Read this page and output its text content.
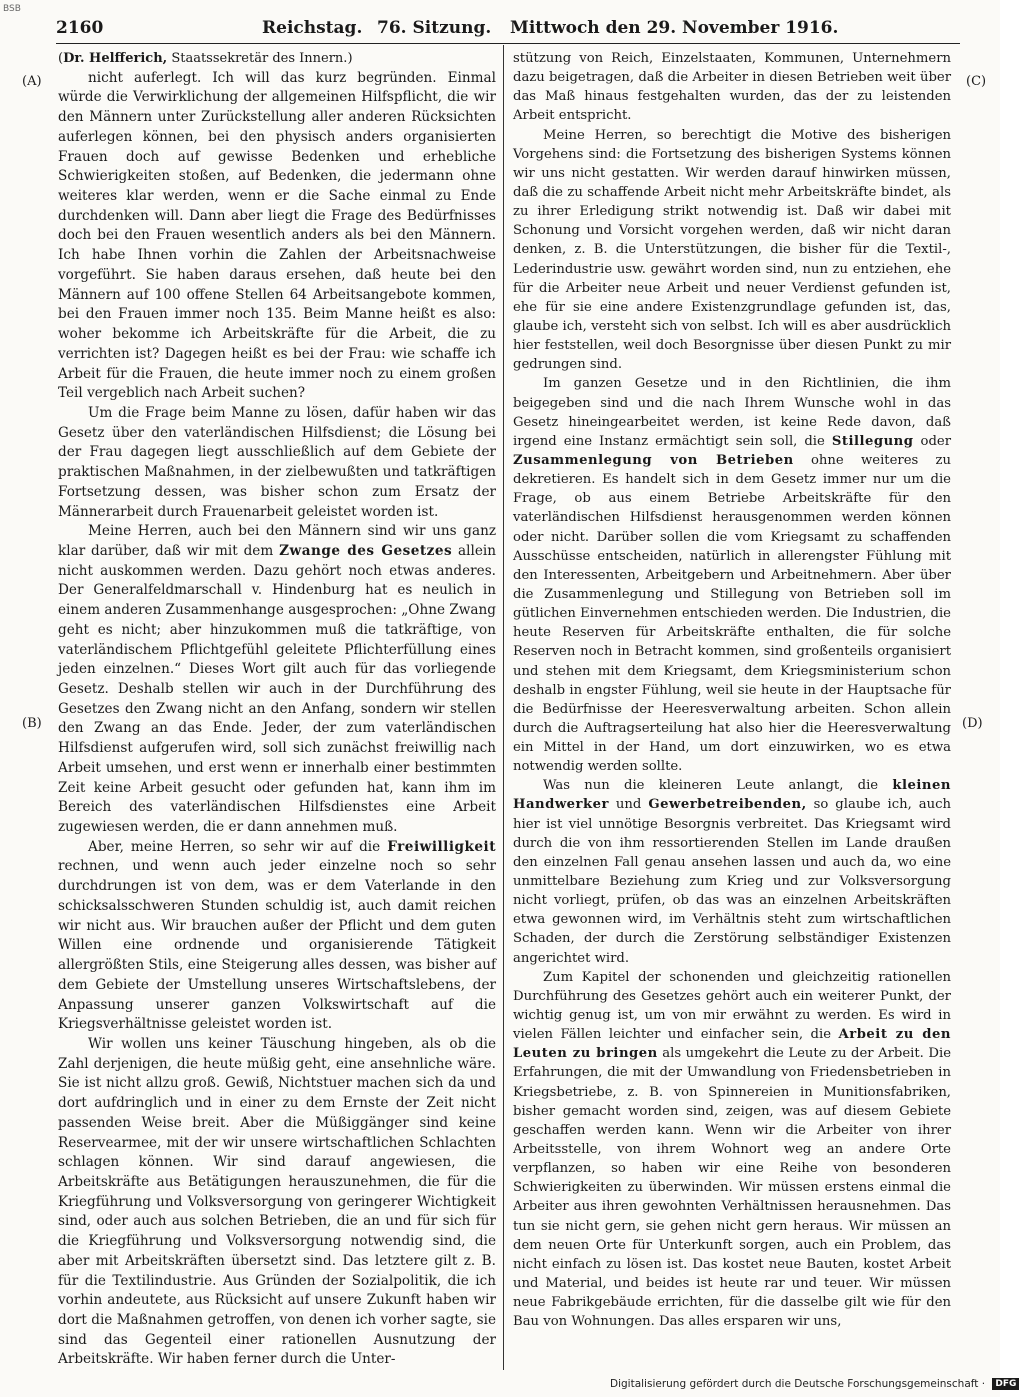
BSB
2160	Reichstag. 76. Sitzung. Mittwoch den 29. November 1916.
(A)
(B)
(C)
(D)
(Dr. Helfferich, Staatssekretär des Innern.)

nicht auferlegt. Ich will das kurz begründen. Einmal würde die Verwirklichung der allgemeinen Hilfspflicht, die wir den Männern unter Zurückstellung aller anderen Rücksichten auferlegen können, bei den physisch anders organisierten Frauen doch auf gewisse Bedenken und erhebliche Schwierigkeiten stoßen, auf Bedenken, die jedermann ohne weiteres klar werden, wenn er die Sache einmal zu Ende durchdenken will. Dann aber liegt die Frage des Bedürfnisses doch bei den Frauen wesentlich anders als bei den Männern. Ich habe Ihnen vorhin die Zahlen der Arbeitsnachweise vorgeführt. Sie haben daraus ersehen, daß heute bei den Männern auf 100 offene Stellen 64 Arbeitsangebote kommen, bei den Frauen immer noch 135. Beim Manne heißt es also: woher bekomme ich Arbeitskräfte für die Arbeit, die zu verrichten ist? Dagegen heißt es bei der Frau: wie schaffe ich Arbeit für die Frauen, die heute immer noch zu einem großen Teil vergeblich nach Arbeit suchen?

Um die Frage beim Manne zu lösen, dafür haben wir das Gesetz über den vaterländischen Hilfsdienst; die Lösung bei der Frau dagegen liegt ausschließlich auf dem Gebiete der praktischen Maßnahmen, in der zielbewußten und tatkräftigen Fortsetzung dessen, was bisher schon zum Ersatz der Männerarbeit durch Frauenarbeit geleistet worden ist.

Meine Herren, auch bei den Männern sind wir uns ganz klar darüber, daß wir mit dem Zwange des Gesetzes allein nicht auskommen werden. Dazu gehört noch etwas anderes. Der Generalfeldmarschall v. Hindenburg hat es neulich in einem anderen Zusammenhange ausgesprochen: „Ohne Zwang geht es nicht; aber hinzukommen muß die tatkräftige, von vaterländischem Pflichtgefühl geleitete Pflichterfüllung eines jeden einzelnen.“ Dieses Wort gilt auch für das vorliegende Gesetz. Deshalb stellen wir auch in der Durchführung des Gesetzes den Zwang nicht an den Anfang, sondern wir stellen den Zwang an das Ende. Jeder, der zum vaterländischen Hilfsdienst aufgerufen wird, soll sich zunächst freiwillig nach Arbeit umsehen, und erst wenn er innerhalb einer bestimmten Zeit keine Arbeit gesucht oder gefunden hat, kann ihm im Bereich des vaterländischen Hilfsdienstes eine Arbeit zugewiesen werden, die er dann annehmen muß.

Aber, meine Herren, so sehr wir auf die Freiwilligkeit rechnen, und wenn auch jeder einzelne noch so sehr durchdrungen ist von dem, was er dem Vaterlande in den schicksalsschweren Stunden schuldig ist, auch damit reichen wir nicht aus. Wir brauchen außer der Pflicht und dem guten Willen eine ordnende und organisierende Tätigkeit allergrößten Stils, eine Steigerung alles dessen, was bisher auf dem Gebiete der Umstellung unseres Wirtschaftslebens, der Anpassung unserer ganzen Volkswirtschaft auf die Kriegsverhältnisse geleistet worden ist.

Wir wollen uns keiner Täuschung hingeben, als ob die Zahl derjenigen, die heute müßig geht, eine ansehnliche wäre. Sie ist nicht allzu groß. Gewiß, Nichtstuer machen sich da und dort aufdringlich und in einer zu dem Ernste der Zeit nicht passenden Weise breit. Aber die Müßiggänger sind keine Reservearmee, mit der wir unsere wirtschaftlichen Schlachten schlagen können. Wir sind darauf angewiesen, die Arbeitskräfte aus Betätigungen herauszunehmen, die für die Kriegführung und Volksversorgung von geringerer Wichtigkeit sind, oder auch aus solchen Betrieben, die an und für sich für die Kriegführung und Volksversorgung notwendig sind, die aber mit Arbeitskräften übersetzt sind. Das letztere gilt z. B. für die Textilindustrie. Aus Gründen der Sozialpolitik, die ich vorhin andeutete, aus Rücksicht auf unsere Zukunft haben wir dort die Maßnahmen getroffen, von denen ich vorher sagte, sie sind das Gegenteil einer rationellen Ausnutzung der Arbeitskräfte. Wir haben ferner durch die Unter-

stützung von Reich, Einzelstaaten, Kommunen, Unternehmern dazu beigetragen, daß die Arbeiter in diesen Betrieben weit über das Maß hinaus festgehalten wurden, das der zu leistenden Arbeit entspricht.

Meine Herren, so berechtigt die Motive des bisherigen Vorgehens sind: die Fortsetzung des bisherigen Systems können wir uns nicht gestatten. Wir werden darauf hinwirken müssen, daß die zu schaffende Arbeit nicht mehr Arbeitskräfte bindet, als zu ihrer Erledigung strikt notwendig ist. Daß wir dabei mit Schonung und Vorsicht vorgehen werden, daß wir nicht daran denken, z. B. die Unterstützungen, die bisher für die Textil-, Lederindustrie usw. gewährt worden sind, nun zu entziehen, ehe für die Arbeiter neue Arbeit und neuer Verdienst gefunden ist, ehe für sie eine andere Existenzgrundlage gefunden ist, das, glaube ich, versteht sich von selbst. Ich will es aber ausdrücklich hier feststellen, weil doch Besorgnisse über diesen Punkt zu mir gedrungen sind.

Im ganzen Gesetze und in den Richtlinien, die ihm beigegeben sind und die nach Ihrem Wunsche wohl in das Gesetz hineingearbeitet werden, ist keine Rede davon, daß irgend eine Instanz ermächtigt sein soll, die Stillegung oder Zusammenlegung von Betrieben ohne weiteres zu dekretieren. Es handelt sich in dem Gesetz immer nur um die Frage, ob aus einem Betriebe Arbeitskräfte für den vaterländischen Hilfsdienst herausgenommen werden können oder nicht. Darüber sollen die vom Kriegsamt zu schaffenden Ausschüsse entscheiden, natürlich in allerengster Fühlung mit den Interessenten, Arbeitgebern und Arbeitnehmern. Aber über die Zusammenlegung und Stillegung von Betrieben soll im gütlichen Einvernehmen entschieden werden. Die Industrien, die heute Reserven für Arbeitskräfte enthalten, die für solche Reserven noch in Betracht kommen, sind großenteils organisiert und stehen mit dem Kriegsamt, dem Kriegsministerium schon deshalb in engster Fühlung, weil sie heute in der Hauptsache für die Bedürfnisse der Heeresverwaltung arbeiten. Schon allein durch die Auftragserteilung hat also hier die Heeresverwaltung ein Mittel in der Hand, um dort einzuwirken, wo es etwa notwendig werden sollte.

Was nun die kleineren Leute anlangt, die kleinen Handwerker und Gewerbetreibenden, so glaube ich, auch hier ist viel unnötige Besorgnis verbreitet. Das Kriegsamt wird durch die von ihm ressortierenden Stellen im Lande draußen den einzelnen Fall genau ansehen lassen und auch da, wo eine unmittelbare Beziehung zum Krieg und zur Volksversorgung nicht vorliegt, prüfen, ob das was an einzelnen Arbeitskräften etwa gewonnen wird, im Verhältnis steht zum wirtschaftlichen Schaden, der durch die Zerstörung selbständiger Existenzen angerichtet wird.

Zum Kapitel der schonenden und gleichzeitig rationellen Durchführung des Gesetzes gehört auch ein weiterer Punkt, der wichtig genug ist, um von mir erwähnt zu werden. Es wird in vielen Fällen leichter und einfacher sein, die Arbeit zu den Leuten zu bringen als umgekehrt die Leute zu der Arbeit. Die Erfahrungen, die mit der Umwandlung von Friedensbetrieben in Kriegsbetriebe, z. B. von Spinnereien in Munitionsfabriken, bisher gemacht worden sind, zeigen, was auf diesem Gebiete geschaffen werden kann. Wenn wir die Arbeiter von ihrer Arbeitsstelle, von ihrem Wohnort weg an andere Orte verpflanzen, so haben wir eine Reihe von besonderen Schwierigkeiten zu überwinden. Wir müssen erstens einmal die Arbeiter aus ihren gewohnten Verhältnissen herausnehmen. Das tun sie nicht gern, sie gehen nicht gern heraus. Wir müssen an dem neuen Orte für Unterkunft sorgen, auch ein Problem, das nicht einfach zu lösen ist. Das kostet neue Bauten, kostet Arbeit und Material, und beides ist heute rar und teuer. Wir müssen neue Fabrikgebäude errichten, für die dasselbe gilt wie für den Bau von Wohnungen. Das alles ersparen wir uns,

Digitalisierung gefördert durch die Deutsche Forschungsgemeinschaft · DFG
